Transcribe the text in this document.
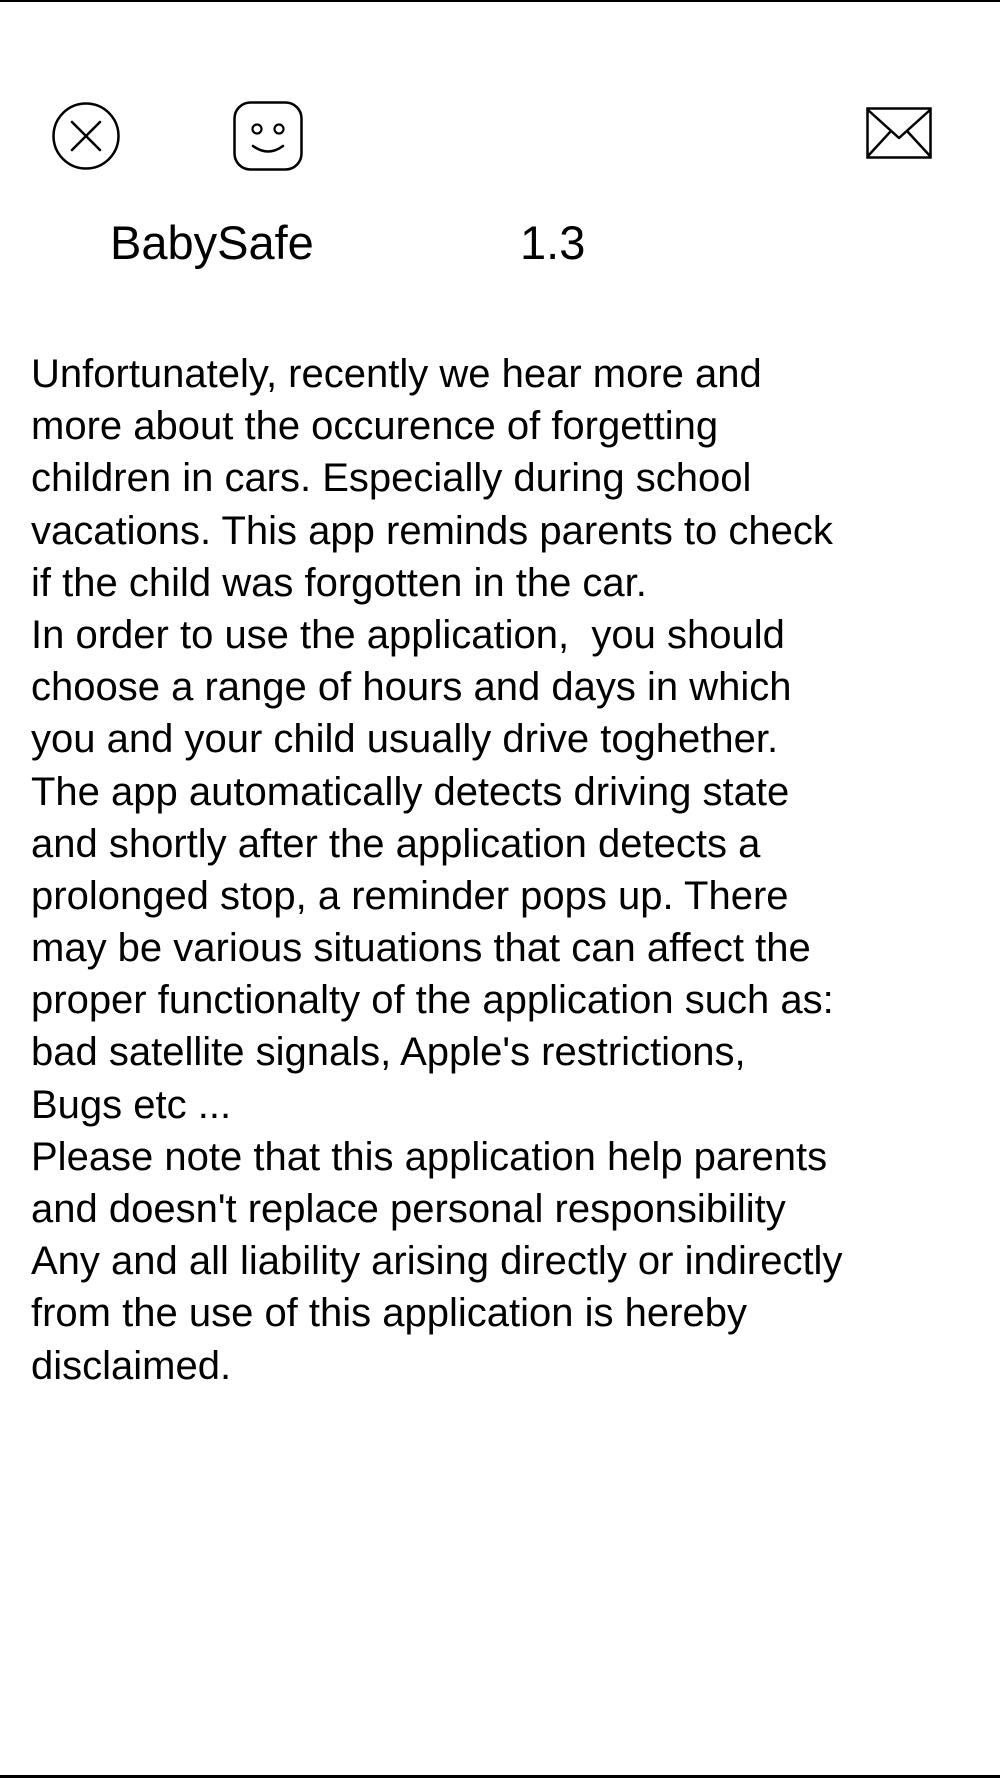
BabySafe	1.3
Unfortunately, recently we hear more and
more about the occurence of forgetting
children in cars. Especially during school
vacations. This app reminds parents to check
if the child was forgotten in the car.
In order to use the application,  you should
choose a range of hours and days in which
you and your child usually drive toghether.
The app automatically detects driving state
and shortly after the application detects a
prolonged stop, a reminder pops up. There
may be various situations that can affect the
proper functionalty of the application such as:
bad satellite signals, Apple's restrictions,
Bugs etc ...
Please note that this application help parents
and doesn't replace personal responsibility
Any and all liability arising directly or indirectly
from the use of this application is hereby
disclaimed.
